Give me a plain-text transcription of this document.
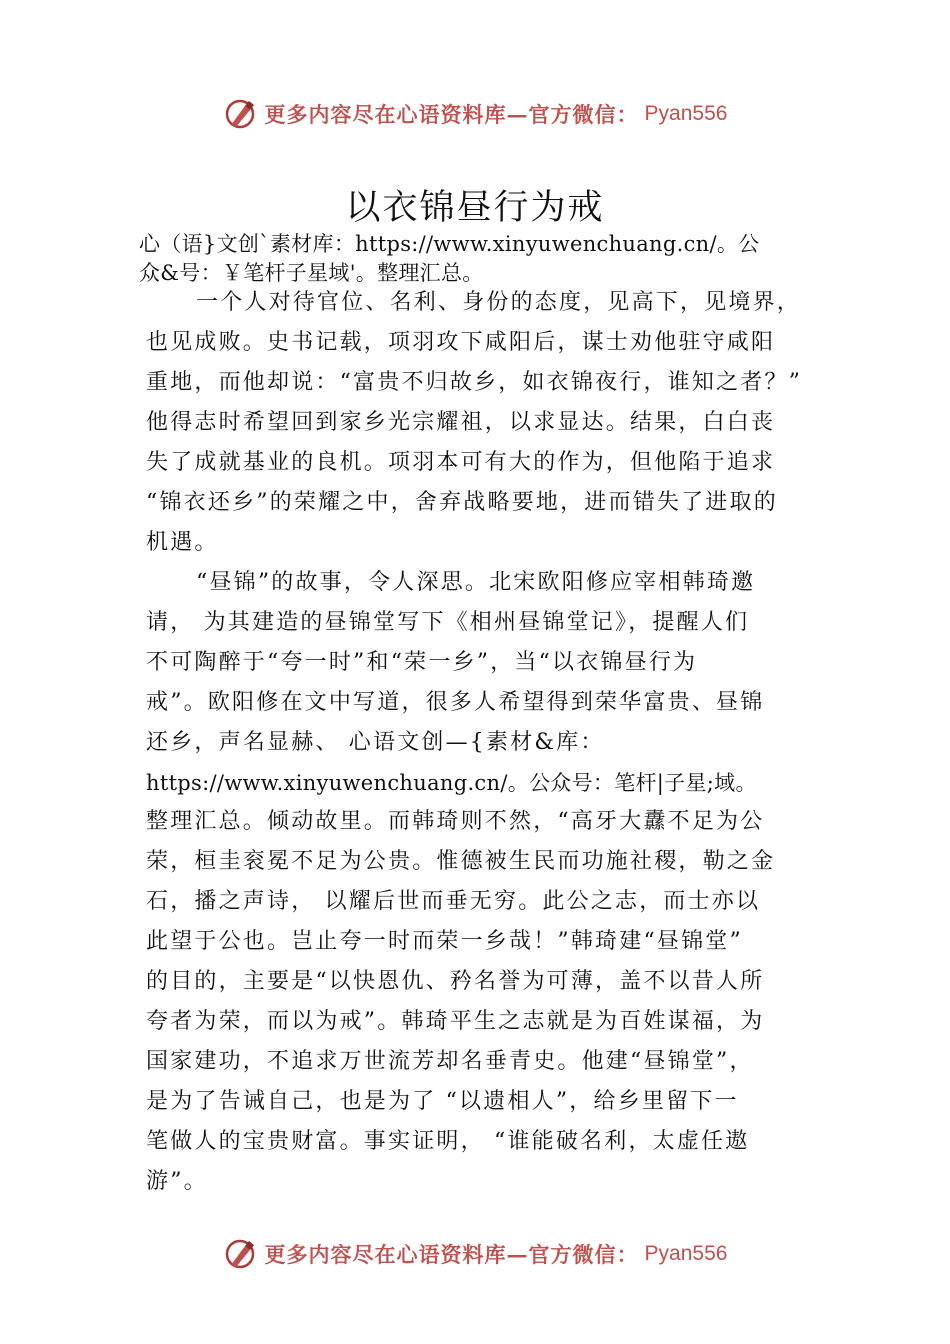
更多内容尽在心语资料库—官方微信： Pyan556
以衣锦昼行为戒
心（语}文创`素材库：https://www.xinyuwenchuang.cn/。公
众&号：￥笔杆子星域'。整理汇总。
一个人对待官位、名利、身份的态度，见高下，见境界，
也见成败。史书记载，项羽攻下咸阳后，谋士劝他驻守咸阳
重地，而他却说：“富贵不归故乡，如衣锦夜行，谁知之者？”
他得志时希望回到家乡光宗耀祖，以求显达。结果，白白丧
失了成就基业的良机。项羽本可有大的作为，但他陷于追求
“锦衣还乡”的荣耀之中，舍弃战略要地，进而错失了进取的
机遇。
“昼锦”的故事，令人深思。北宋欧阳修应宰相韩琦邀
请， 为其建造的昼锦堂写下《相州昼锦堂记》，提醒人们
不可陶醉于“夸一时”和“荣一乡”，当“以衣锦昼行为
戒”。欧阳修在文中写道，很多人希望得到荣华富贵、昼锦
还乡，声名显赫、 心语文创—{素材&库：
https://www.xinyuwenchuang.cn/。公众号：笔杆|子星;域。
整理汇总。倾动故里。而韩琦则不然，“高牙大纛不足为公
荣，桓圭衮冕不足为公贵。惟德被生民而功施社稷，勒之金
石，播之声诗， 以耀后世而垂无穷。此公之志，而士亦以
此望于公也。岂止夸一时而荣一乡哉！”韩琦建“昼锦堂”
的目的，主要是“以快恩仇、矜名誉为可薄，盖不以昔人所
夸者为荣，而以为戒”。韩琦平生之志就是为百姓谋福，为
国家建功，不追求万世流芳却名垂青史。他建“昼锦堂”，
是为了告诫自己，也是为了 “以遗相人”，给乡里留下一
笔做人的宝贵财富。事实证明， “谁能破名利，太虚任遨
游”。
更多内容尽在心语资料库—官方微信： Pyan556
